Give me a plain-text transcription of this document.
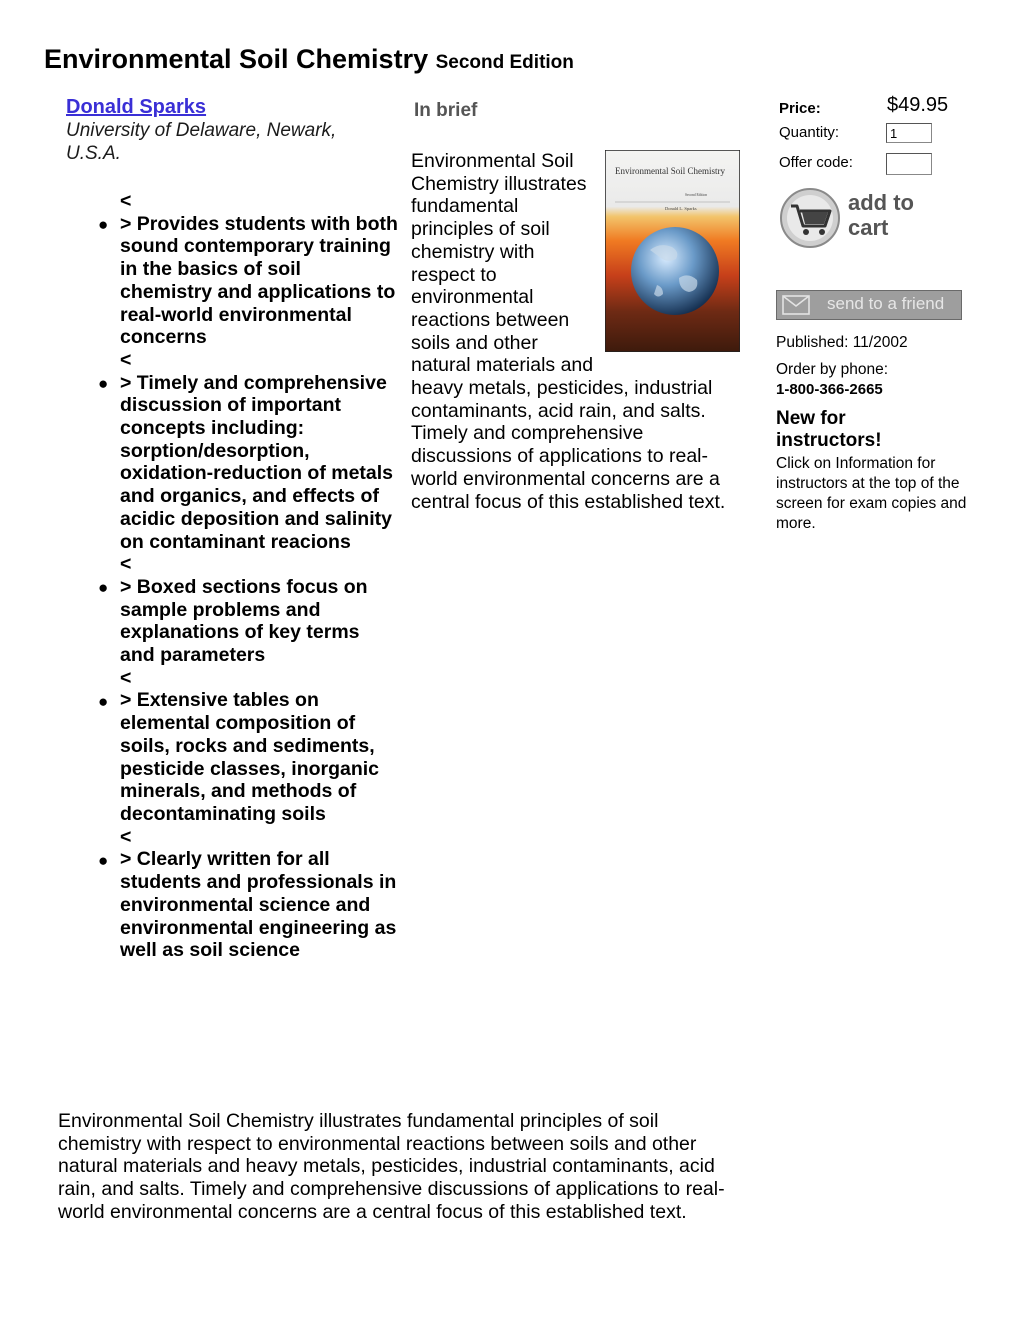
Environmental Soil Chemistry Second Edition
Donald Sparks
University of Delaware, Newark, U.S.A.
<
● > Provides students with both sound contemporary training in the basics of soil chemistry and applications to real-world environmental concerns
<
● > Timely and comprehensive discussion of important concepts including: sorption/desorption, oxidation-reduction of metals and organics, and effects of acidic deposition and salinity on contaminant reacions
<
● > Boxed sections focus on sample problems and explanations of key terms and parameters
<
● > Extensive tables on elemental composition of soils, rocks and sediments, pesticide classes, inorganic minerals, and methods of decontaminating soils
<
● > Clearly written for all students and professionals in environmental science and environmental engineering as well as soil science
In brief
Environmental Soil Chemistry
Second Edition
Donald L. Sparks
Environmental Soil Chemistry illustrates fundamental principles of soil chemistry with respect to environmental reactions between soils and other natural materials and heavy metals, pesticides, industrial contaminants, acid rain, and salts. Timely and comprehensive discussions of applications to real-world environmental concerns are a central focus of this established text.
Price:	$49.95
Quantity:
1
Offer code:
add to cart
send to a friend
Published: 11/2002
Order by phone:
1-800-366-2665
New for instructors!
Click on Information for instructors at the top of the screen for exam copies and more.
Environmental Soil Chemistry illustrates fundamental principles of soil chemistry with respect to environmental reactions between soils and other natural materials and heavy metals, pesticides, industrial contaminants, acid rain, and salts. Timely and comprehensive discussions of applications to real-world environmental concerns are a central focus of this established text.
